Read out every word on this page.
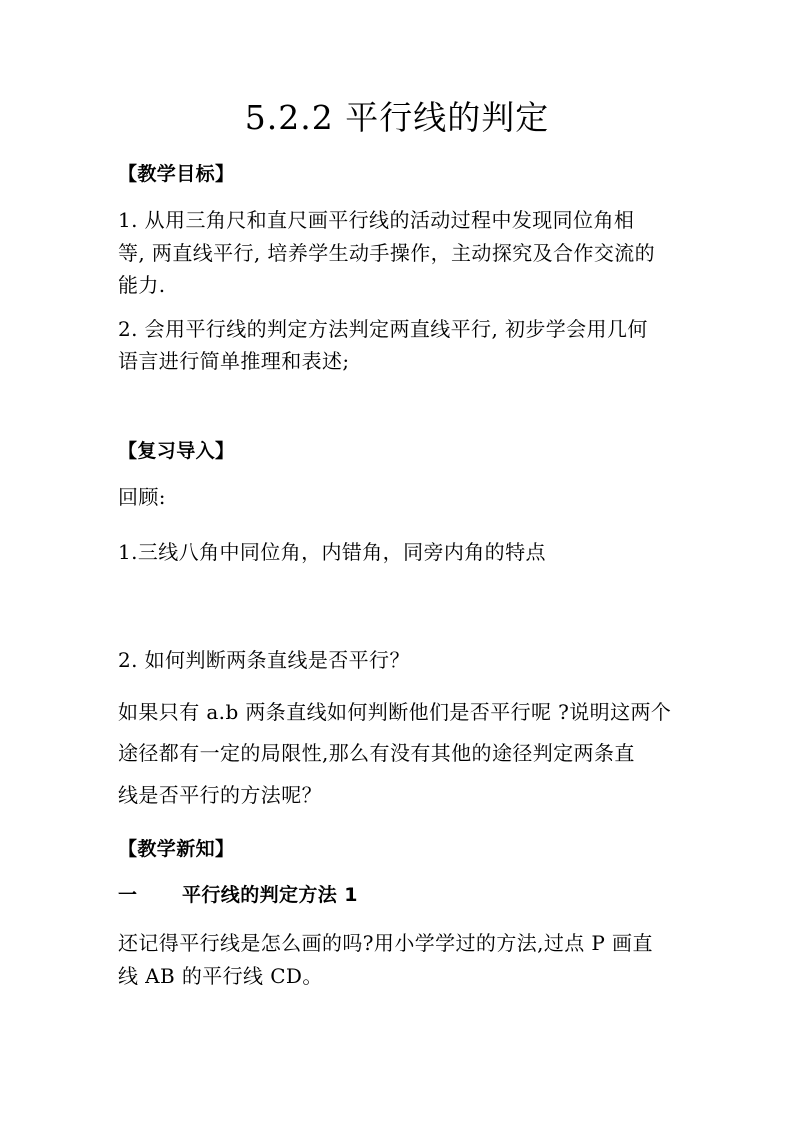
5.2.2 平行线的判定
【教学目标】
1. 从用三角尺和直尺画平行线的活动过程中发现同位角相
等, 两直线平行, 培养学生动手操作，主动探究及合作交流的
能力.
2. 会用平行线的判定方法判定两直线平行, 初步学会用几何
语言进行简单推理和表述;
【复习导入】
回顾:
1.三线八角中同位角，内错角，同旁内角的特点
2. 如何判断两条直线是否平行？
如果只有 a.b 两条直线如何判断他们是否平行呢 ?说明这两个
途径都有一定的局限性,那么有没有其他的途径判定两条直
线是否平行的方法呢？
【教学新知】
一 平行线的判定方法 1
还记得平行线是怎么画的吗?用小学学过的方法,过点 P 画直
线 AB 的平行线 CD。
